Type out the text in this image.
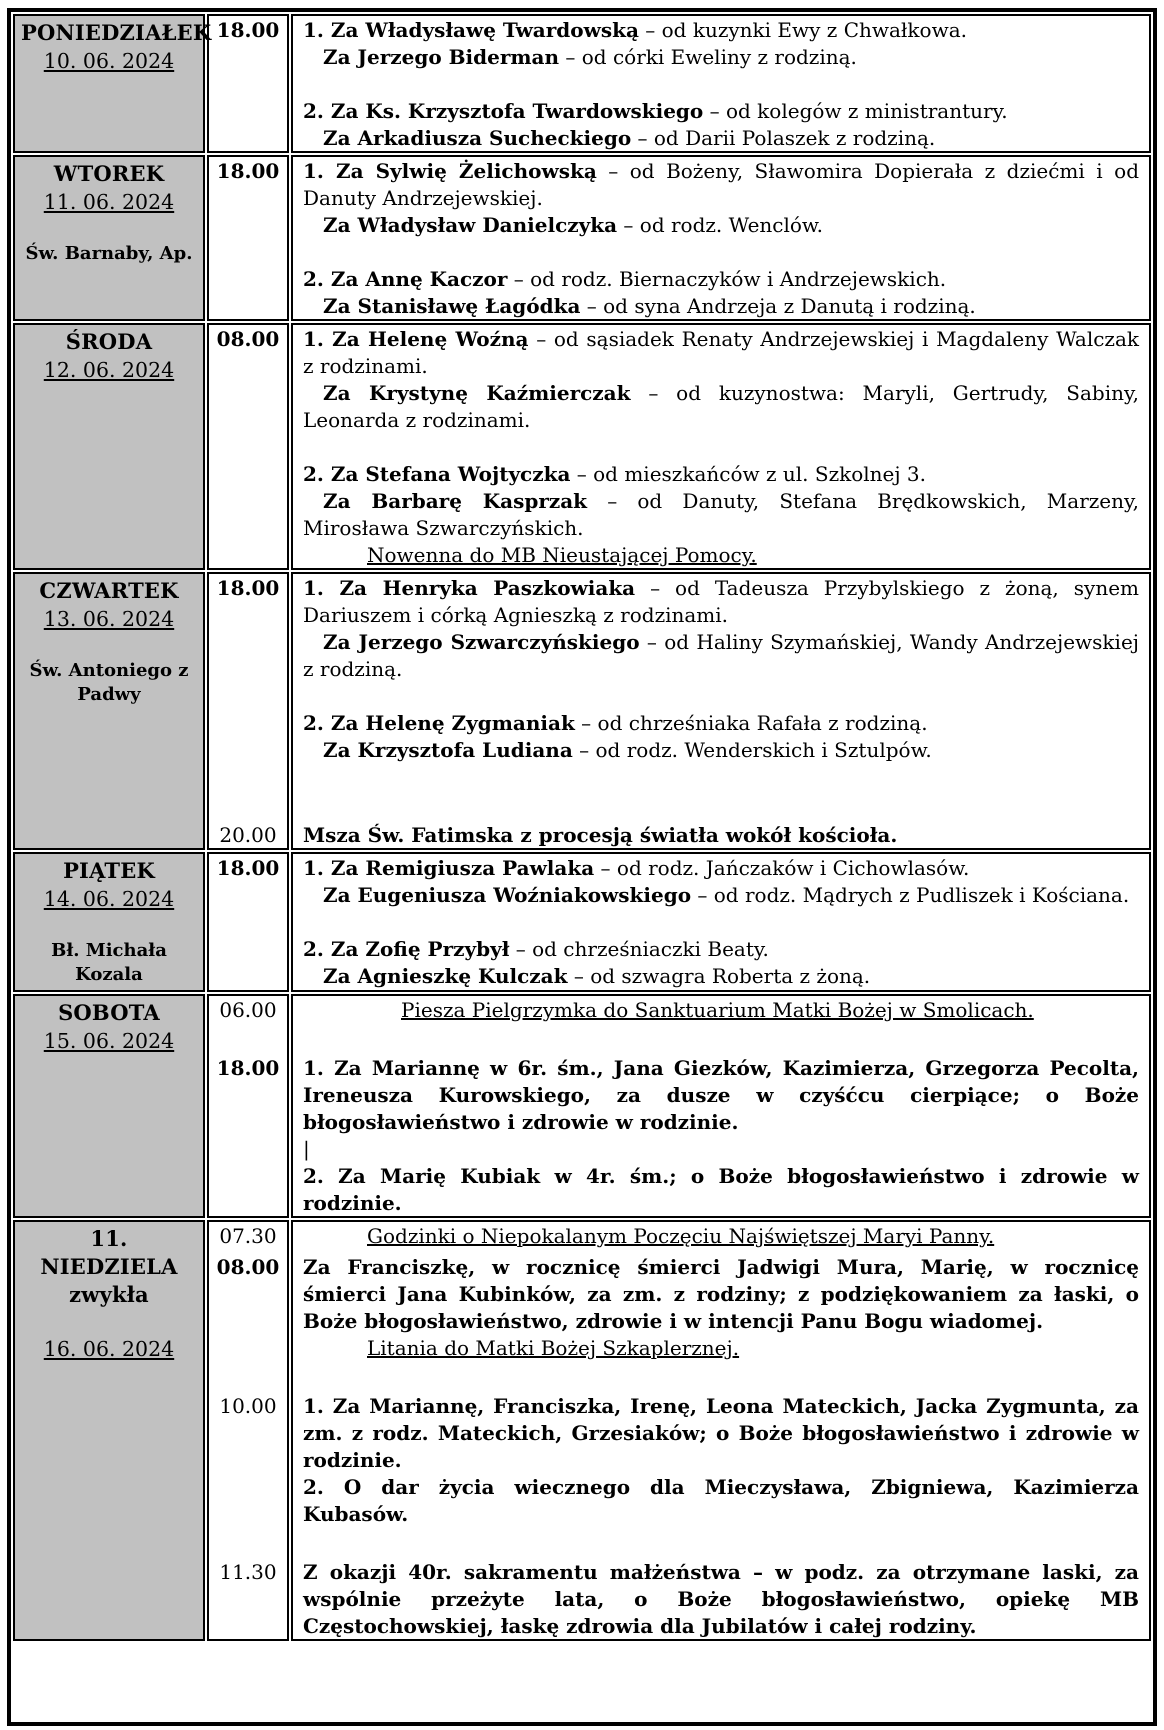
PONIEDZIAŁEK
10. 06. 2024
18.00	1. Za Władysławę Twardowską – od kuzynki Ewy z Chwałkowa.

Za Jerzego Biderman – od córki Eweliny z rodziną.

2. Za Ks. Krzysztofa Twardowskiego – od kolegów z ministrantury.

Za Arkadiusza Sucheckiego – od Darii Polaszek z rodziną.

WTOREK
11. 06. 2024

Św. Barnaby, Ap.
18.00	1. Za Sylwię Żelichowską – od Bożeny, Sławomira Dopierała z dziećmi i od Danuty Andrzejewskiej.

Za Władysław Danielczyka – od rodz. Wenclów.

2. Za Annę Kaczor – od rodz. Biernaczyków i Andrzejewskich.

Za Stanisławę Łagódka – od syna Andrzeja z Danutą i rodziną.

ŚRODA
12. 06. 2024
08.00	1. Za Helenę Woźną – od sąsiadek Renaty Andrzejewskiej i Magdaleny Walczak z rodzinami.

Za Krystynę Kaźmierczak – od kuzynostwa: Maryli, Gertrudy, Sabiny, Leonarda z rodzinami.

2. Za Stefana Wojtyczka – od mieszkańców z ul. Szkolnej 3.

Za Barbarę Kasprzak – od Danuty, Stefana Brędkowskich, Marzeny, Mirosława Szwarczyńskich.

Nowenna do MB Nieustającej Pomocy.

CZWARTEK
13. 06. 2024

Św. Antoniego z Padwy
18.00	1. Za Henryka Paszkowiaka – od Tadeusza Przybylskiego z żoną, synem Dariuszem i córką Agnieszką z rodzinami.

Za Jerzego Szwarczyńskiego – od Haliny Szymańskiej, Wandy Andrzejewskiej z rodziną.

2. Za Helenę Zygmaniak – od chrześniaka Rafała z rodziną.

Za Krzysztofa Ludiana – od rodz. Wenderskich i Sztulpów.

20.00	Msza Św. Fatimska z procesją światła wokół kościoła.

PIĄTEK
14. 06. 2024

Bł. Michała Kozala
18.00	1. Za Remigiusza Pawlaka – od rodz. Jańczaków i Cichowlasów.

Za Eugeniusza Woźniakowskiego – od rodz. Mądrych z Pudliszek i Kościana.

2. Za Zofię Przybył – od chrześniaczki Beaty.

Za Agnieszkę Kulczak – od szwagra Roberta z żoną.

SOBOTA
15. 06. 2024
06.00	Piesza Pielgrzymka do Sanktuarium Matki Bożej w Smolicach.

18.00	1. Za Mariannę w 6r. śm., Jana Giezków, Kazimierza, Grzegorza Pecolta, Ireneusza Kurowskiego, za dusze w czyśćcu cierpiące; o Boże błogosławieństwo i zdrowie w rodzinie.

|

2. Za Marię Kubiak w 4r. śm.; o Boże błogosławieństwo i zdrowie w rodzinie.

11. NIEDZIELA
zwykła

16. 06. 2024
07.30	Godzinki o Niepokalanym Poczęciu Najświętszej Maryi Panny.

08.00	Za Franciszkę, w rocznicę śmierci Jadwigi Mura, Marię, w rocznicę śmierci Jana Kubinków, za zm. z rodziny; z podziękowaniem za łaski, o Boże błogosławieństwo, zdrowie i w intencji Panu Bogu wiadomej.

Litania do Matki Bożej Szkaplerznej.

10.00	1. Za Mariannę, Franciszka, Irenę, Leona Mateckich, Jacka Zygmunta, za zm. z rodz. Mateckich, Grzesiaków; o Boże błogosławieństwo i zdrowie w rodzinie.

2. O dar życia wiecznego dla Mieczysława, Zbigniewa, Kazimierza Kubasów.

11.30	Z okazji 40r. sakramentu małżeństwa – w podz. za otrzymane laski, za wspólnie przeżyte lata, o Boże błogosławieństwo, opiekę MB Częstochowskiej, łaskę zdrowia dla Jubilatów i całej rodziny.
